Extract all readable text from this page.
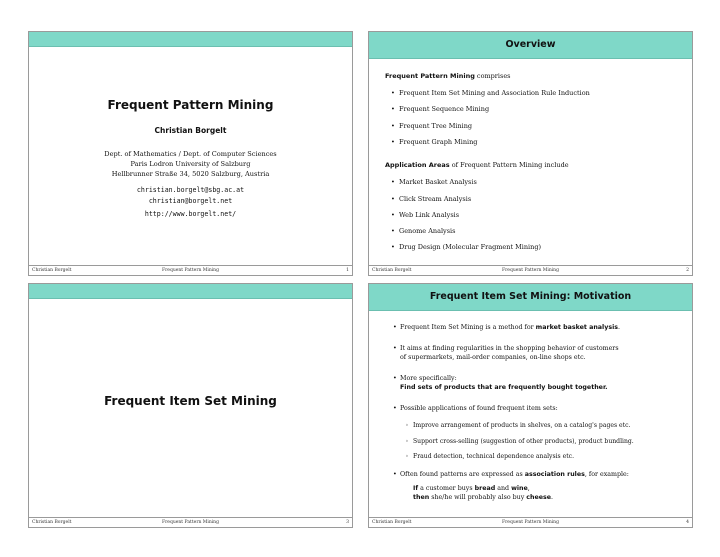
Frequent Pattern Mining
Christian Borgelt
Dept. of Mathematics / Dept. of Computer Sciences
Paris Lodron University of Salzburg
Hellbrunner Straße 34, 5020 Salzburg, Austria
christian.borgelt@sbg.ac.at
christian@borgelt.net
http://www.borgelt.net/
Christian Borgelt	Frequent Pattern Mining	1
Overview
Frequent Pattern Mining comprises
• Frequent Item Set Mining and Association Rule Induction
• Frequent Sequence Mining
• Frequent Tree Mining
• Frequent Graph Mining
Application Areas of Frequent Pattern Mining include
• Market Basket Analysis
• Click Stream Analysis
• Web Link Analysis
• Genome Analysis
• Drug Design (Molecular Fragment Mining)
Christian Borgelt	Frequent Pattern Mining	2
Frequent Item Set Mining
Christian Borgelt	Frequent Pattern Mining	3
Frequent Item Set Mining: Motivation
• Frequent Item Set Mining is a method for market basket analysis.
• It aims at finding regularities in the shopping behavior of customers
of supermarkets, mail-order companies, on-line shops etc.
• More specifically:
Find sets of products that are frequently bought together.
• Possible applications of found frequent item sets:
◦ Improve arrangement of products in shelves, on a catalog's pages etc.
◦ Support cross-selling (suggestion of other products), product bundling.
◦ Fraud detection, technical dependence analysis etc.
• Often found patterns are expressed as association rules, for example:
If a customer buys bread and wine,
then she/he will probably also buy cheese.
Christian Borgelt	Frequent Pattern Mining	4
